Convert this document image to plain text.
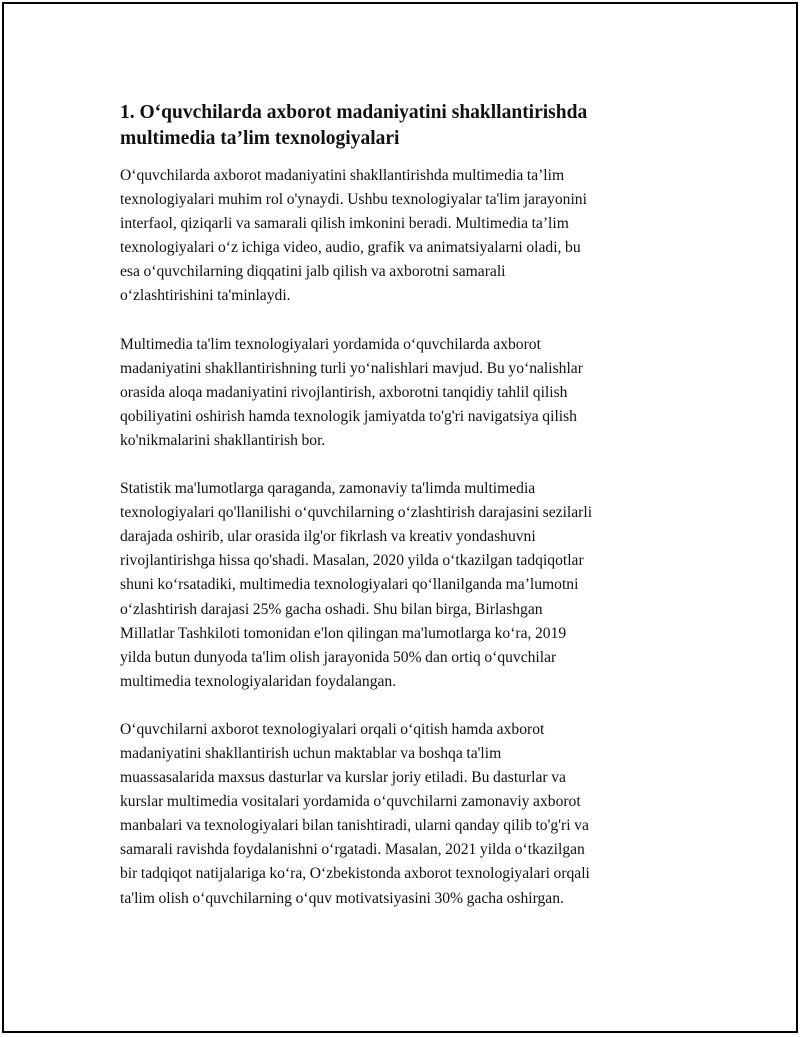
1. O‘quvchilarda axborot madaniyatini shakllantirishda
multimedia ta’lim texnologiyalari

O‘quvchilarda axborot madaniyatini shakllantirishda multimedia ta’lim
texnologiyalari muhim rol o'ynaydi. Ushbu texnologiyalar ta'lim jarayonini
interfaol, qiziqarli va samarali qilish imkonini beradi. Multimedia ta’lim
texnologiyalari o‘z ichiga video, audio, grafik va animatsiyalarni oladi, bu
esa o‘quvchilarning diqqatini jalb qilish va axborotni samarali
o‘zlashtirishini ta'minlaydi.

Multimedia ta'lim texnologiyalari yordamida o‘quvchilarda axborot
madaniyatini shakllantirishning turli yo‘nalishlari mavjud. Bu yo‘nalishlar
orasida aloqa madaniyatini rivojlantirish, axborotni tanqidiy tahlil qilish
qobiliyatini oshirish hamda texnologik jamiyatda to'g'ri navigatsiya qilish
ko'nikmalarini shakllantirish bor.

Statistik ma'lumotlarga qaraganda, zamonaviy ta'limda multimedia
texnologiyalari qo'llanilishi o‘quvchilarning o‘zlashtirish darajasini sezilarli
darajada oshirib, ular orasida ilg'or fikrlash va kreativ yondashuvni
rivojlantirishga hissa qo'shadi. Masalan, 2020 yilda o‘tkazilgan tadqiqotlar
shuni ko‘rsatadiki, multimedia texnologiyalari qo‘llanilganda ma’lumotni
o‘zlashtirish darajasi 25% gacha oshadi. Shu bilan birga, Birlashgan
Millatlar Tashkiloti tomonidan e'lon qilingan ma'lumotlarga ko‘ra, 2019
yilda butun dunyoda ta'lim olish jarayonida 50% dan ortiq o‘quvchilar
multimedia texnologiyalaridan foydalangan.

O‘quvchilarni axborot texnologiyalari orqali o‘qitish hamda axborot
madaniyatini shakllantirish uchun maktablar va boshqa ta'lim
muassasalarida maxsus dasturlar va kurslar joriy etiladi. Bu dasturlar va
kurslar multimedia vositalari yordamida o‘quvchilarni zamonaviy axborot
manbalari va texnologiyalari bilan tanishtiradi, ularni qanday qilib to'g'ri va
samarali ravishda foydalanishni o‘rgatadi. Masalan, 2021 yilda o‘tkazilgan
bir tadqiqot natijalariga ko‘ra, O‘zbekistonda axborot texnologiyalari orqali
ta'lim olish o‘quvchilarning o‘quv motivatsiyasini 30% gacha oshirgan.
